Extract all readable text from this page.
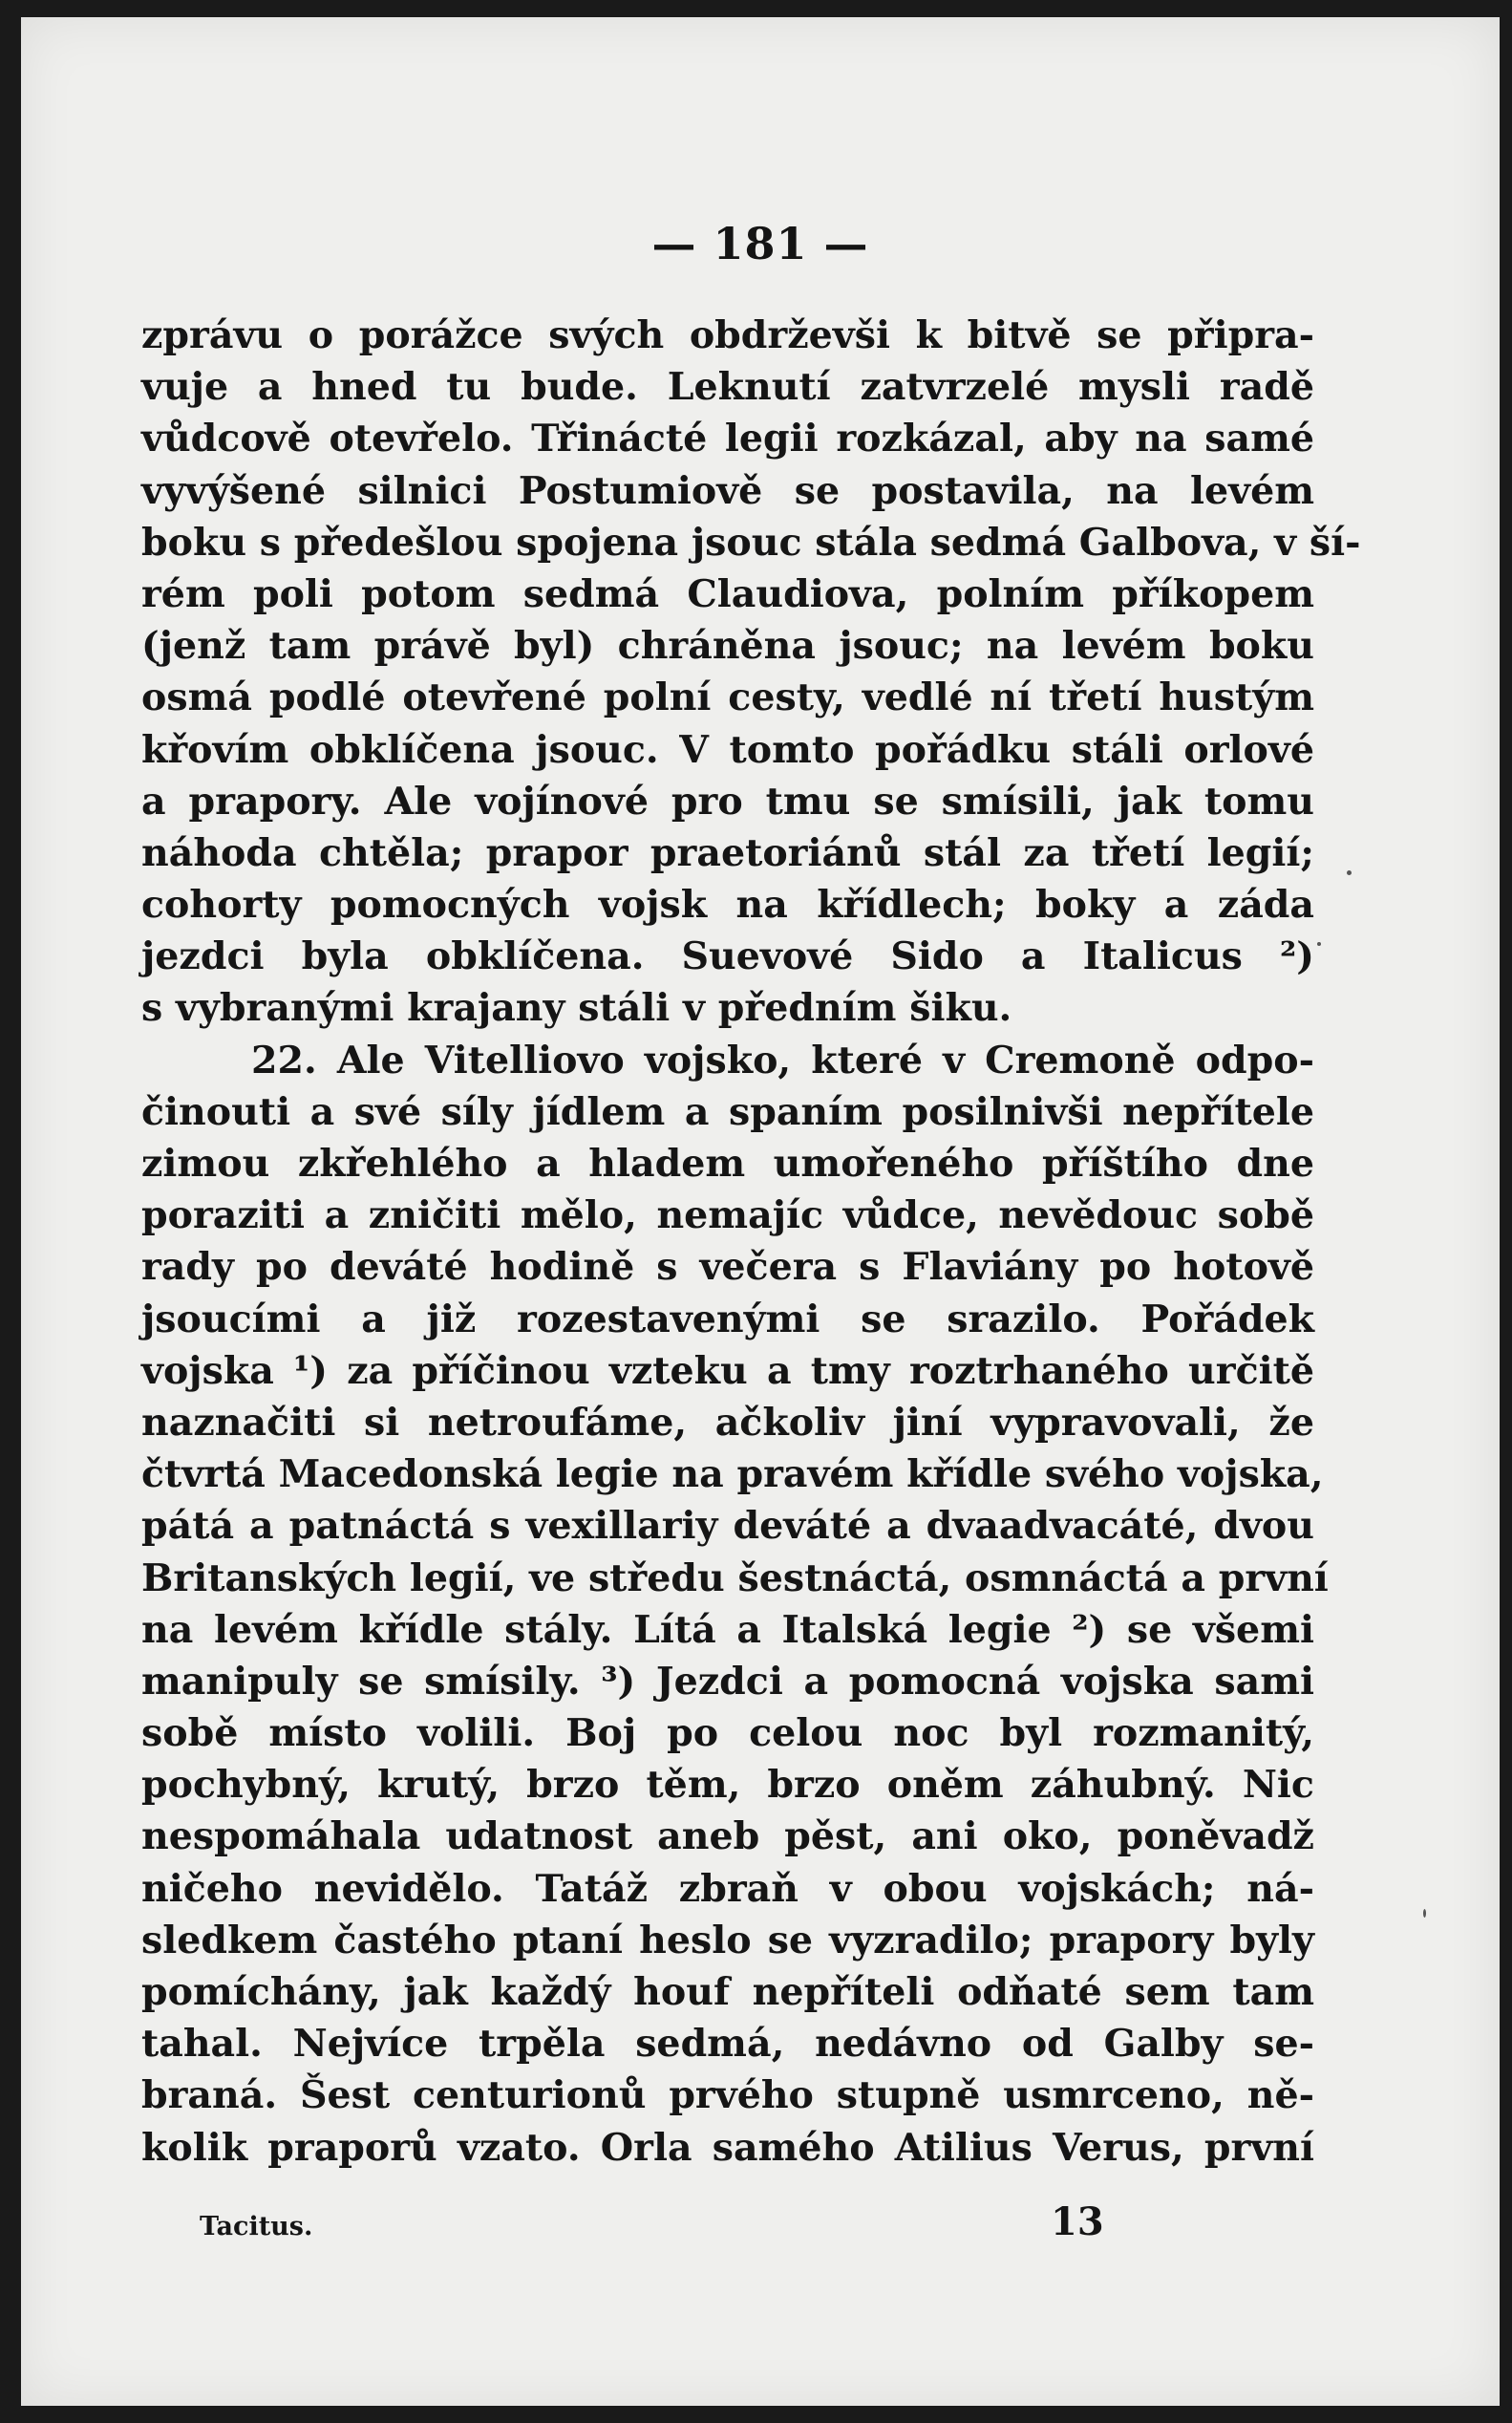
— 181 —
zprávu o porážce svých obdrževši k bitvě se připra-
vuje a hned tu bude. Leknutí zatvrzelé mysli radě
vůdcově otevřelo. Třinácté legii rozkázal, aby na samé
vyvýšené silnici Postumiově se postavila, na levém
boku s předešlou spojena jsouc stála sedmá Galbova, v ší-
rém poli potom sedmá Claudiova, polním příkopem
(jenž tam právě byl) chráněna jsouc; na levém boku
osmá podlé otevřené polní cesty, vedlé ní třetí hustým
křovím obklíčena jsouc. V tomto pořádku stáli orlové
a prapory. Ale vojínové pro tmu se smísili, jak tomu
náhoda chtěla; prapor praetoriánů stál za třetí legií;
cohorty pomocných vojsk na křídlech; boky a záda
jezdci byla obklíčena. Suevové Sido a Italicus ²)
s vybranými krajany stáli v předním šiku.
22. Ale Vitelliovo vojsko, které v Cremoně odpo-
činouti a své síly jídlem a spaním posilnivši nepřítele
zimou zkřehlého a hladem umořeného příštího dne
poraziti a zničiti mělo, nemajíc vůdce, nevědouc sobě
rady po deváté hodině s večera s Flaviány po hotově
jsoucími a již rozestavenými se srazilo. Pořádek
vojska ¹) za příčinou vzteku a tmy roztrhaného určitě
naznačiti si netroufáme, ačkoliv jiní vypravovali, že
čtvrtá Macedonská legie na pravém křídle svého vojska,
pátá a patnáctá s vexillariy deváté a dvaadvacáté, dvou
Britanských legií, ve středu šestnáctá, osmnáctá a první
na levém křídle stály. Lítá a Italská legie ²) se všemi
manipuly se smísily. ³) Jezdci a pomocná vojska sami
sobě místo volili. Boj po celou noc byl rozmanitý,
pochybný, krutý, brzo těm, brzo oněm záhubný. Nic
nespomáhala udatnost aneb pěst, ani oko, poněvadž
ničeho nevidělo. Tatáž zbraň v obou vojskách; ná-
sledkem častého ptaní heslo se vyzradilo; prapory byly
pomíchány, jak každý houf nepříteli odňaté sem tam
tahal. Nejvíce trpěla sedmá, nedávno od Galby se-
braná. Šest centurionů prvého stupně usmrceno, ně-
kolik praporů vzato. Orla samého Atilius Verus, první
Tacitus.	13
